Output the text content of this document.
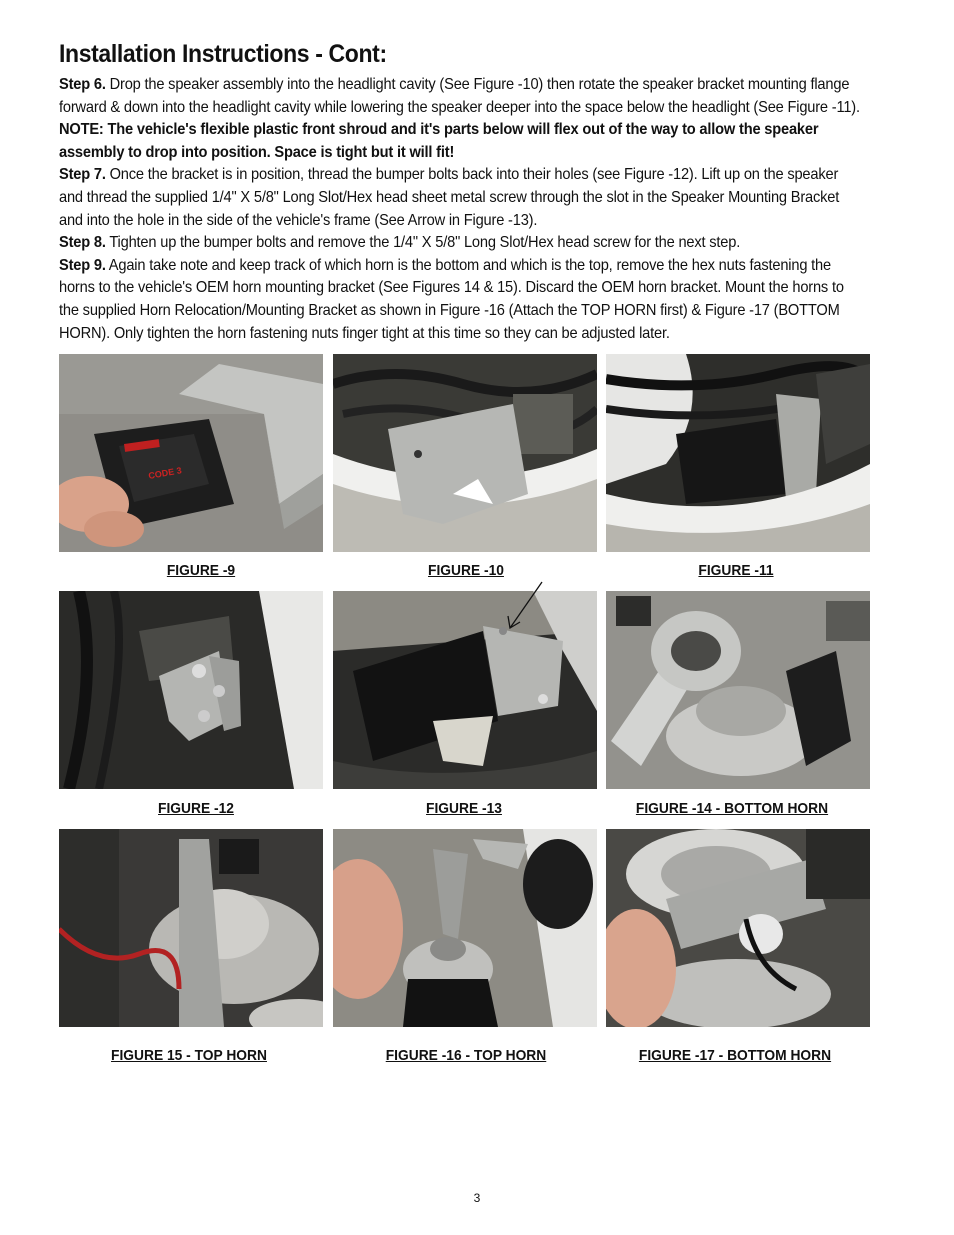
Installation Instructions - Cont:

Step 6. Drop the speaker assembly into the headlight cavity (See Figure -10) then rotate the speaker bracket mounting flange forward & down into the headlight cavity while lowering the speaker deeper into the space below the headlight (See Figure -11). NOTE: The vehicle's flexible plastic front shroud and it's parts below will flex out of the way to allow the speaker assembly to drop into position. Space is tight but it will fit!

Step 7. Once the bracket is in position, thread the bumper bolts back into their holes (see Figure -12). Lift up on the speaker and thread the supplied 1/4" X 5/8" Long Slot/Hex head sheet metal screw through the slot in the Speaker Mounting Bracket and into the hole in the side of the vehicle's frame (See Arrow in Figure -13).

Step 8. Tighten up the bumper bolts and remove the 1/4" X 5/8" Long Slot/Hex head screw for the next step.

Step 9. Again take note and keep track of which horn is the bottom and which is the top, remove the hex nuts fastening the horns to the vehicle's OEM horn mounting bracket (See Figures 14 & 15). Discard the OEM horn bracket. Mount the horns to the supplied Horn Relocation/Mounting Bracket as shown in Figure -16 (Attach the TOP HORN first) & Figure -17 (BOTTOM HORN). Only tighten the horn fastening nuts finger tight at this time so they can be adjusted later.

CODE 3
FIGURE -9	FIGURE -10	FIGURE -11
FIGURE -12	FIGURE -13	FIGURE -14 - BOTTOM HORN
FIGURE 15 - TOP HORN	FIGURE -16 - TOP HORN	FIGURE -17 - BOTTOM HORN
3
